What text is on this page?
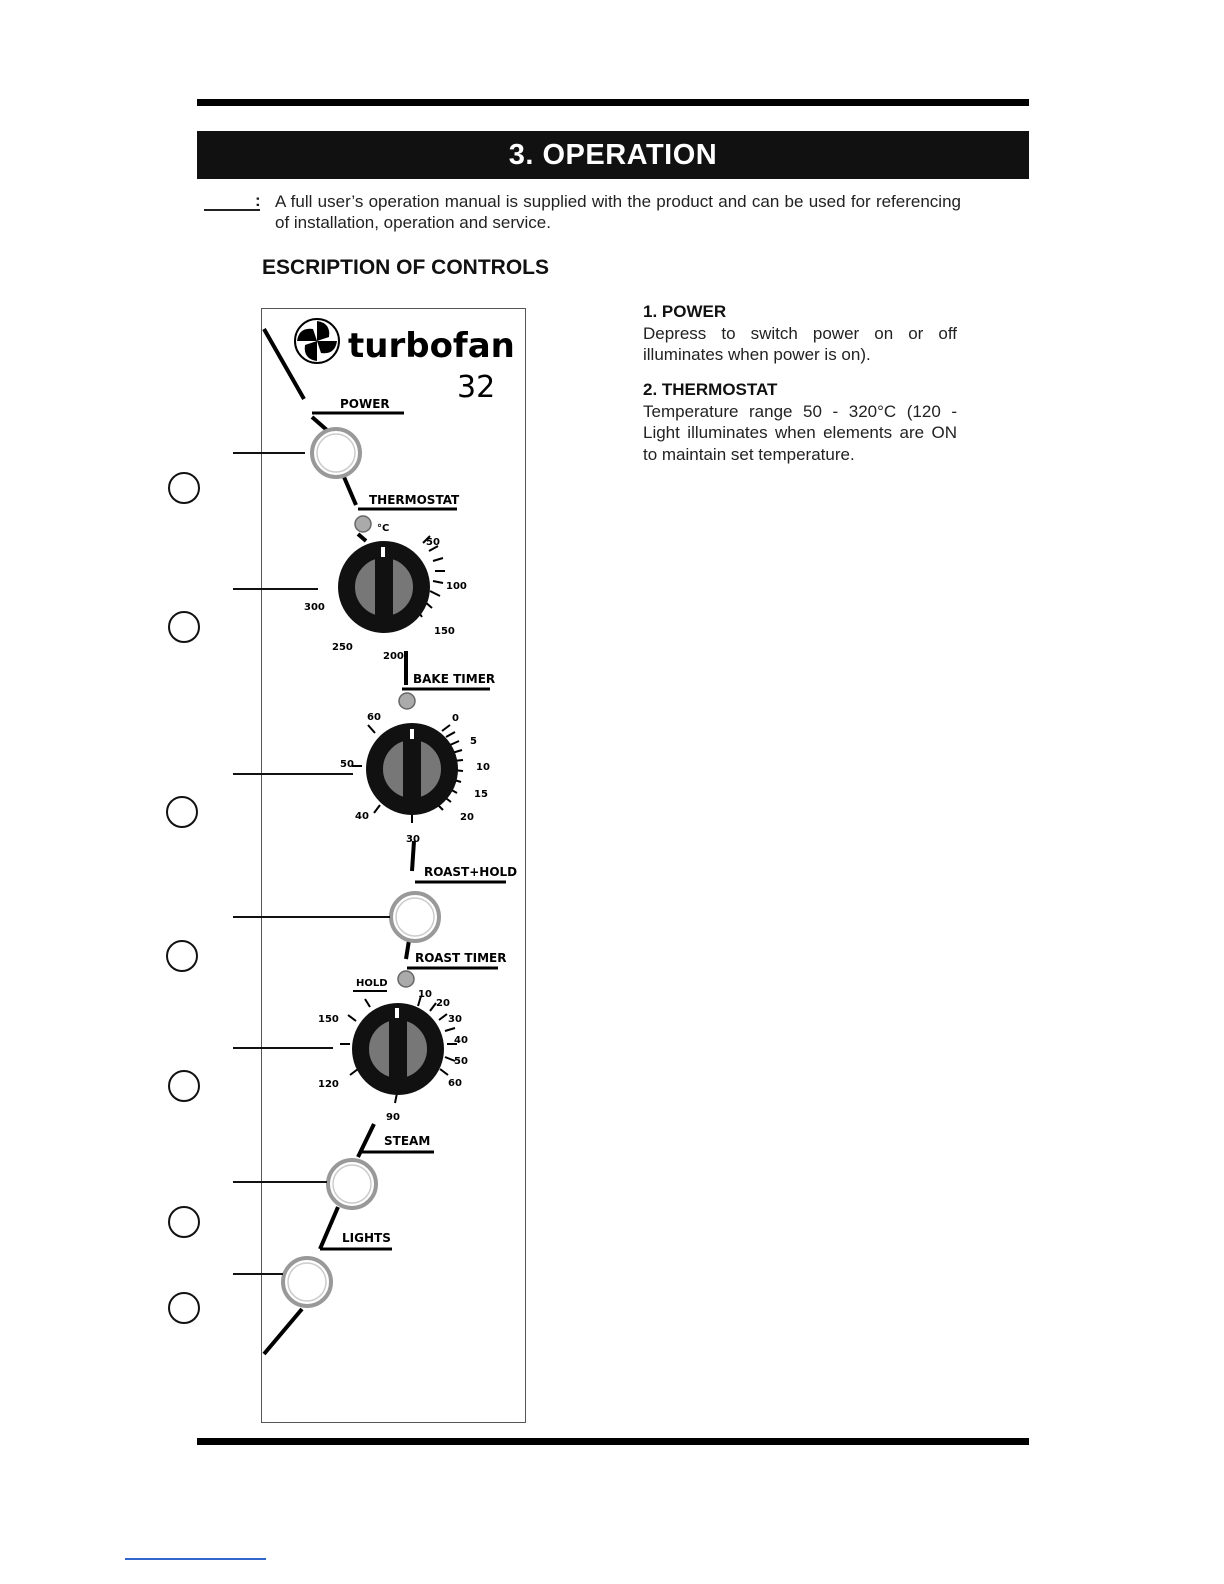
3. OPERATION
: A full user’s operation manual is supplied with the product and can be used for referencing of installation, operation and service.
ESCRIPTION OF CONTROLS
turbofan
32
POWER
THERMOSTAT
°C
50
100
150
200
250
300
BAKE TIMER
0
5
10
15
20
30
40
50
60
ROAST+HOLD
ROAST TIMER
HOLD
10
20
30
40
50
60
90
120
150
STEAM
LIGHTS

1. POWER

Depress to switch power on or off illuminates when power is on).

2. THERMOSTAT

Temperature range 50 - 320°C (120 - Light illuminates when elements are ON to maintain set temperature.
